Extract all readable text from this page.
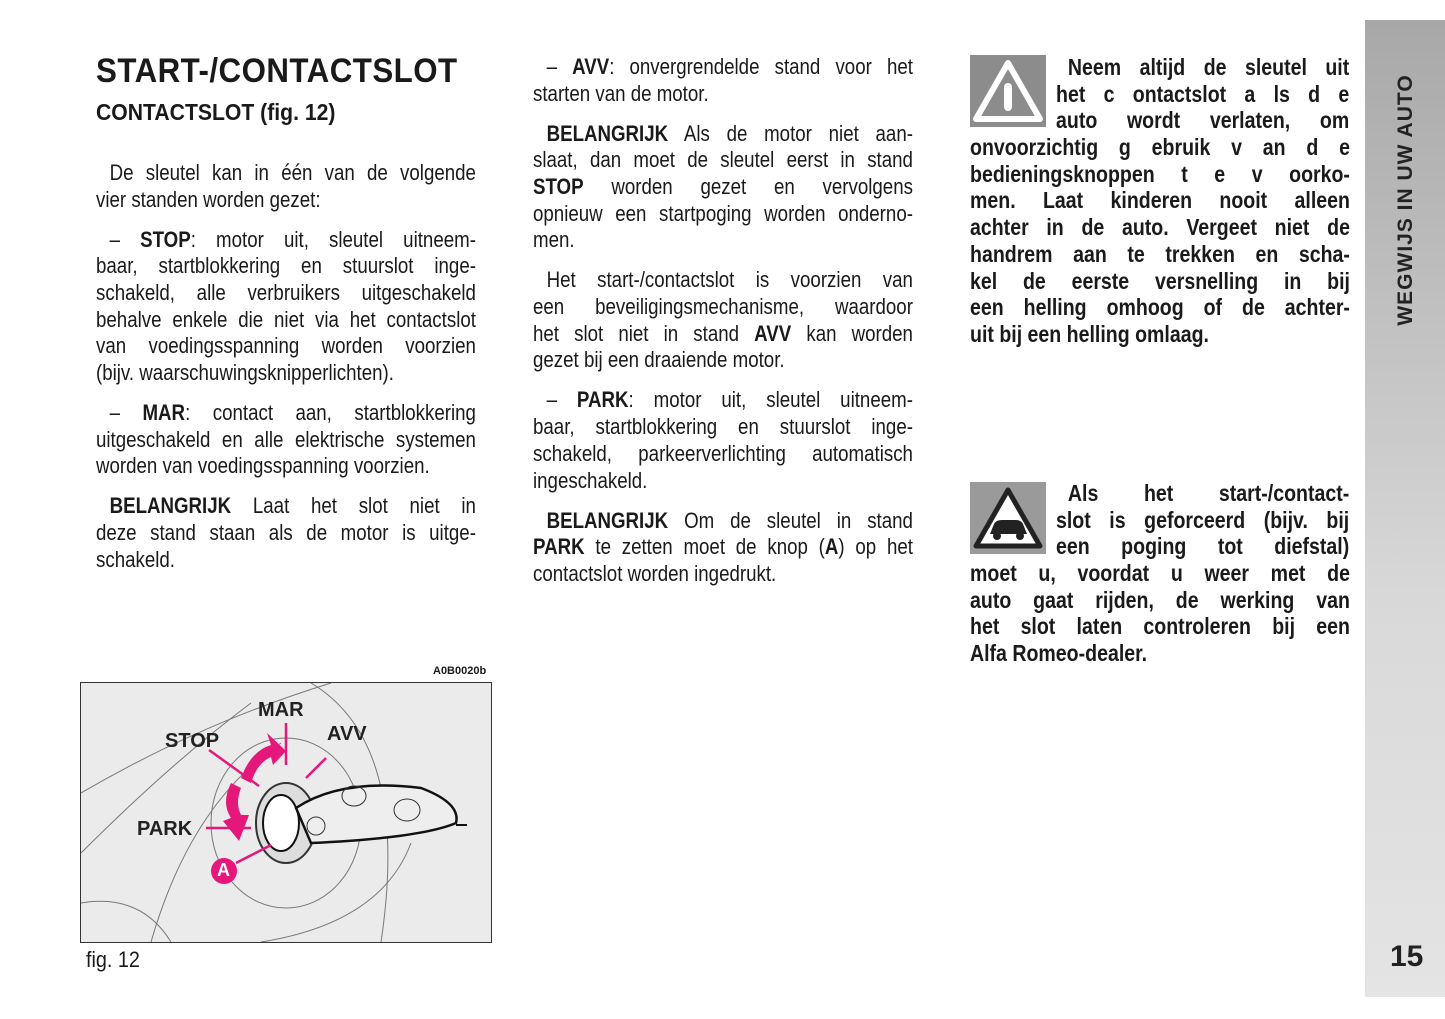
START-/CONTACTSLOT
CONTACTSLOT (fig. 12)
De sleutel kan in één van de volgende
vier standen worden gezet:
– STOP: motor uit, sleutel uitneem-
baar, startblokkering en stuurslot inge-
schakeld, alle verbruikers uitgeschakeld
behalve enkele die niet via het contactslot
van voedingsspanning worden voorzien
(bijv. waarschuwingsknipperlichten).
– MAR: contact aan, startblokkering
uitgeschakeld en alle elektrische systemen
worden van voedingsspanning voorzien.
BELANGRIJK Laat het slot niet in
deze stand staan als de motor is uitge-
schakeld.
– AVV: onvergrendelde stand voor het
starten van de motor.
BELANGRIJK Als de motor niet aan-
slaat, dan moet de sleutel eerst in stand
STOP worden gezet en vervolgens
opnieuw een startpoging worden onderno-
men.
Het start-/contactslot is voorzien van
een beveiligingsmechanisme, waardoor
het slot niet in stand AVV kan worden
gezet bij een draaiende motor.
– PARK: motor uit, sleutel uitneem-
baar, startblokkering en stuurslot inge-
schakeld, parkeerverlichting automatisch
ingeschakeld.
BELANGRIJK Om de sleutel in stand
PARK te zetten moet de knop (A) op het
contactslot worden ingedrukt.
Neem altijd de sleutel uit
het c ontactslot a ls d e
auto wordt verlaten, om
onvoorzichtig g ebruik v an d e
bedieningsknoppen t e v oorko-
men. Laat kinderen nooit alleen
achter in de auto. Vergeet niet de
handrem aan te trekken en scha-
kel de eerste versnelling in bij
een helling omhoog of de achter-
uit bij een helling omlaag.
Als het start-/contact-
slot is geforceerd (bijv. bij
een poging tot diefstal)
moet u, voordat u weer met de
auto gaat rijden, de werking van
het slot laten controleren bij een
Alfa Romeo-dealer.
A0B0020b
MAR
STOP	AVV
PARK
A
fig. 12
WEGWIJS IN UW AUTO
15
